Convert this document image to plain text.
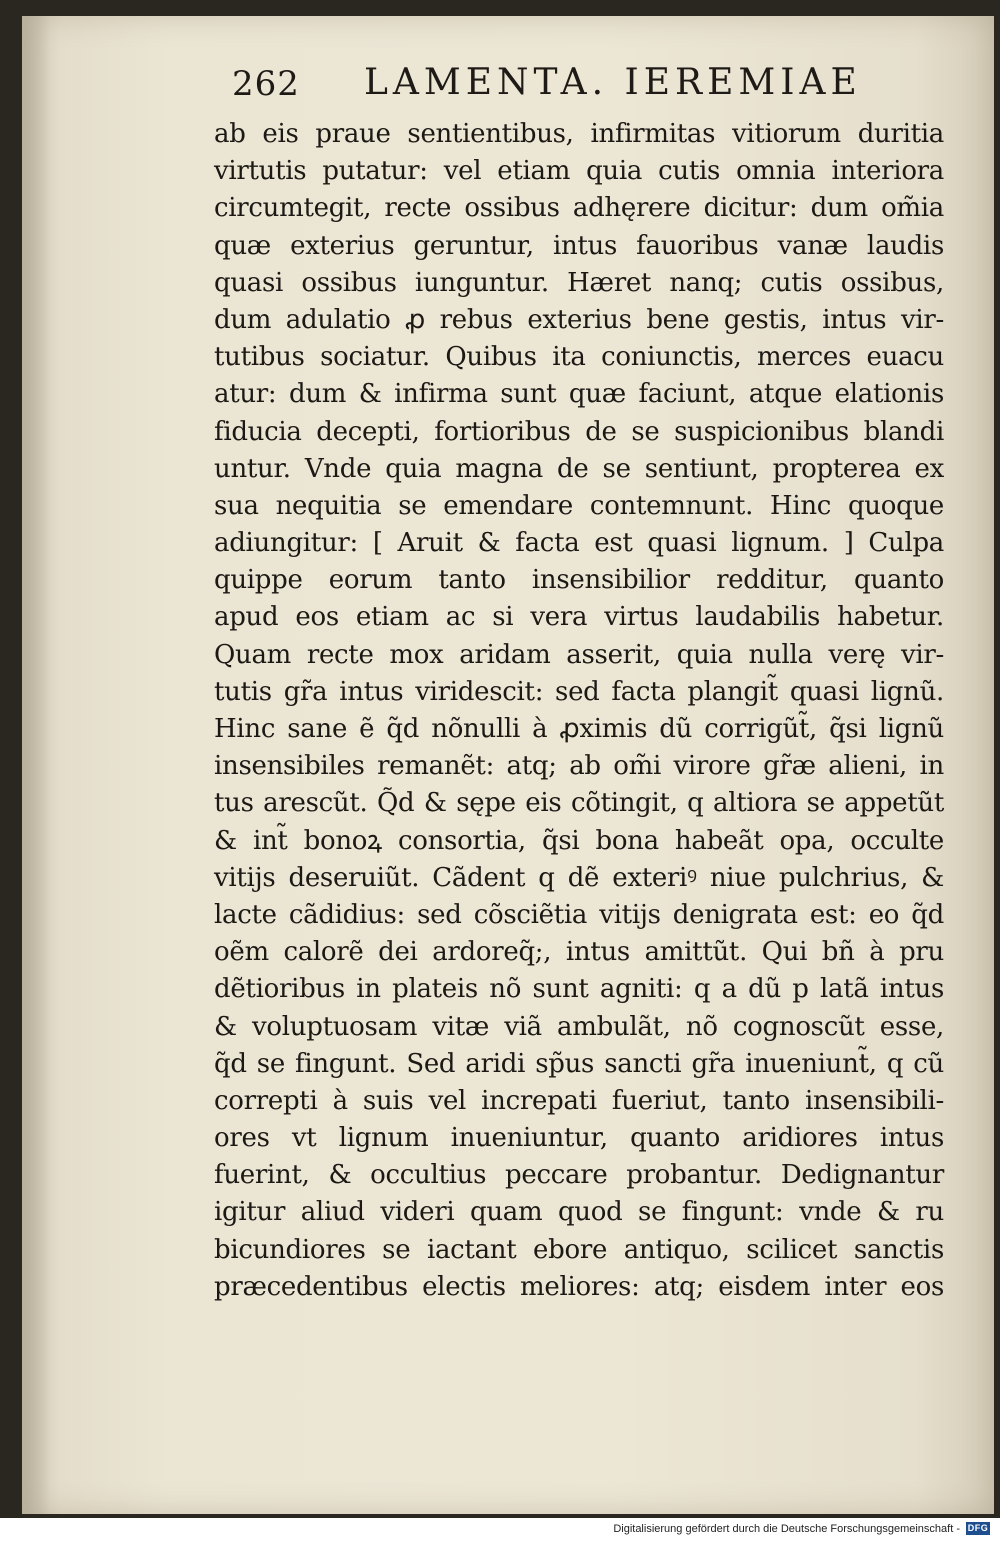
262 LAMENTA. IEREMIAE
ab eis praue sentientibus, infirmitas vitiorum duritia
virtutis putatur: vel etiam quia cutis omnia interiora
circumtegit, recte ossibus adhęrere dicitur: dum om̃ia
quæ exterius geruntur, intus fauoribus vanæ laudis
quasi ossibus iunguntur. Hæret nanq; cutis ossibus,
dum adulatio ꝓ rebus exterius bene gestis, intus vir-
tutibus sociatur. Quibus ita coniunctis, merces euacu
atur: dum & infirma sunt quæ faciunt, atque elationis
fiducia decepti, fortioribus de se suspicionibus blandi
untur. Vnde quia magna de se sentiunt, propterea ex
sua nequitia se emendare contemnunt. Hinc quoque
adiungitur: [ Aruit & facta est quasi lignum. ] Culpa
quippe eorum tanto insensibilior redditur, quanto
apud eos etiam ac si vera virtus laudabilis habetur.
Quam recte mox aridam asserit, quia nulla verę vir-
tutis gr̃a intus viridescit: sed facta plangit̃ quasi lignũ.
Hinc sane ẽ q̃d nõnulli à ꝓximis dũ corrigũt̃, q̃si lignũ
insensibiles remanẽt: atq; ab om̃i virore gr̃æ alieni, in
tus arescũt. Q̃d & sępe eis cõtingit, q altiora se appetũt
& int̃ bonoꝝ consortia, q̃si bona habeãt opa, occulte
vitijs deseruiũt. Cãdent q dẽ exteriꝰ niue pulchrius, &
lacte cãdidius: sed cõsciẽtia vitijs denigrata est: eo q̃d
oẽm calorẽ dei ardoreq̃;, intus amittũt. Qui bñ à pru
dẽtioribus in plateis nõ sunt agniti: q a dũ p latã intus
& voluptuosam vitæ viã ambulãt, nõ cognoscũt esse,
q̃d se fingunt. Sed aridi sp̃us sancti gr̃a inueniunt̃, q cũ
correpti à suis vel increpati fueriut, tanto insensibili-
ores vt lignum inueniuntur, quanto aridiores intus
fuerint, & occultius peccare probantur. Dedignantur
igitur aliud videri quam quod se fingunt: vnde & ru
bicundiores se iactant ebore antiquo, scilicet sanctis
præcedentibus electis meliores: atq; eisdem inter eos
Digitalisierung gefördert durch die Deutsche Forschungsgemeinschaft - DFG
